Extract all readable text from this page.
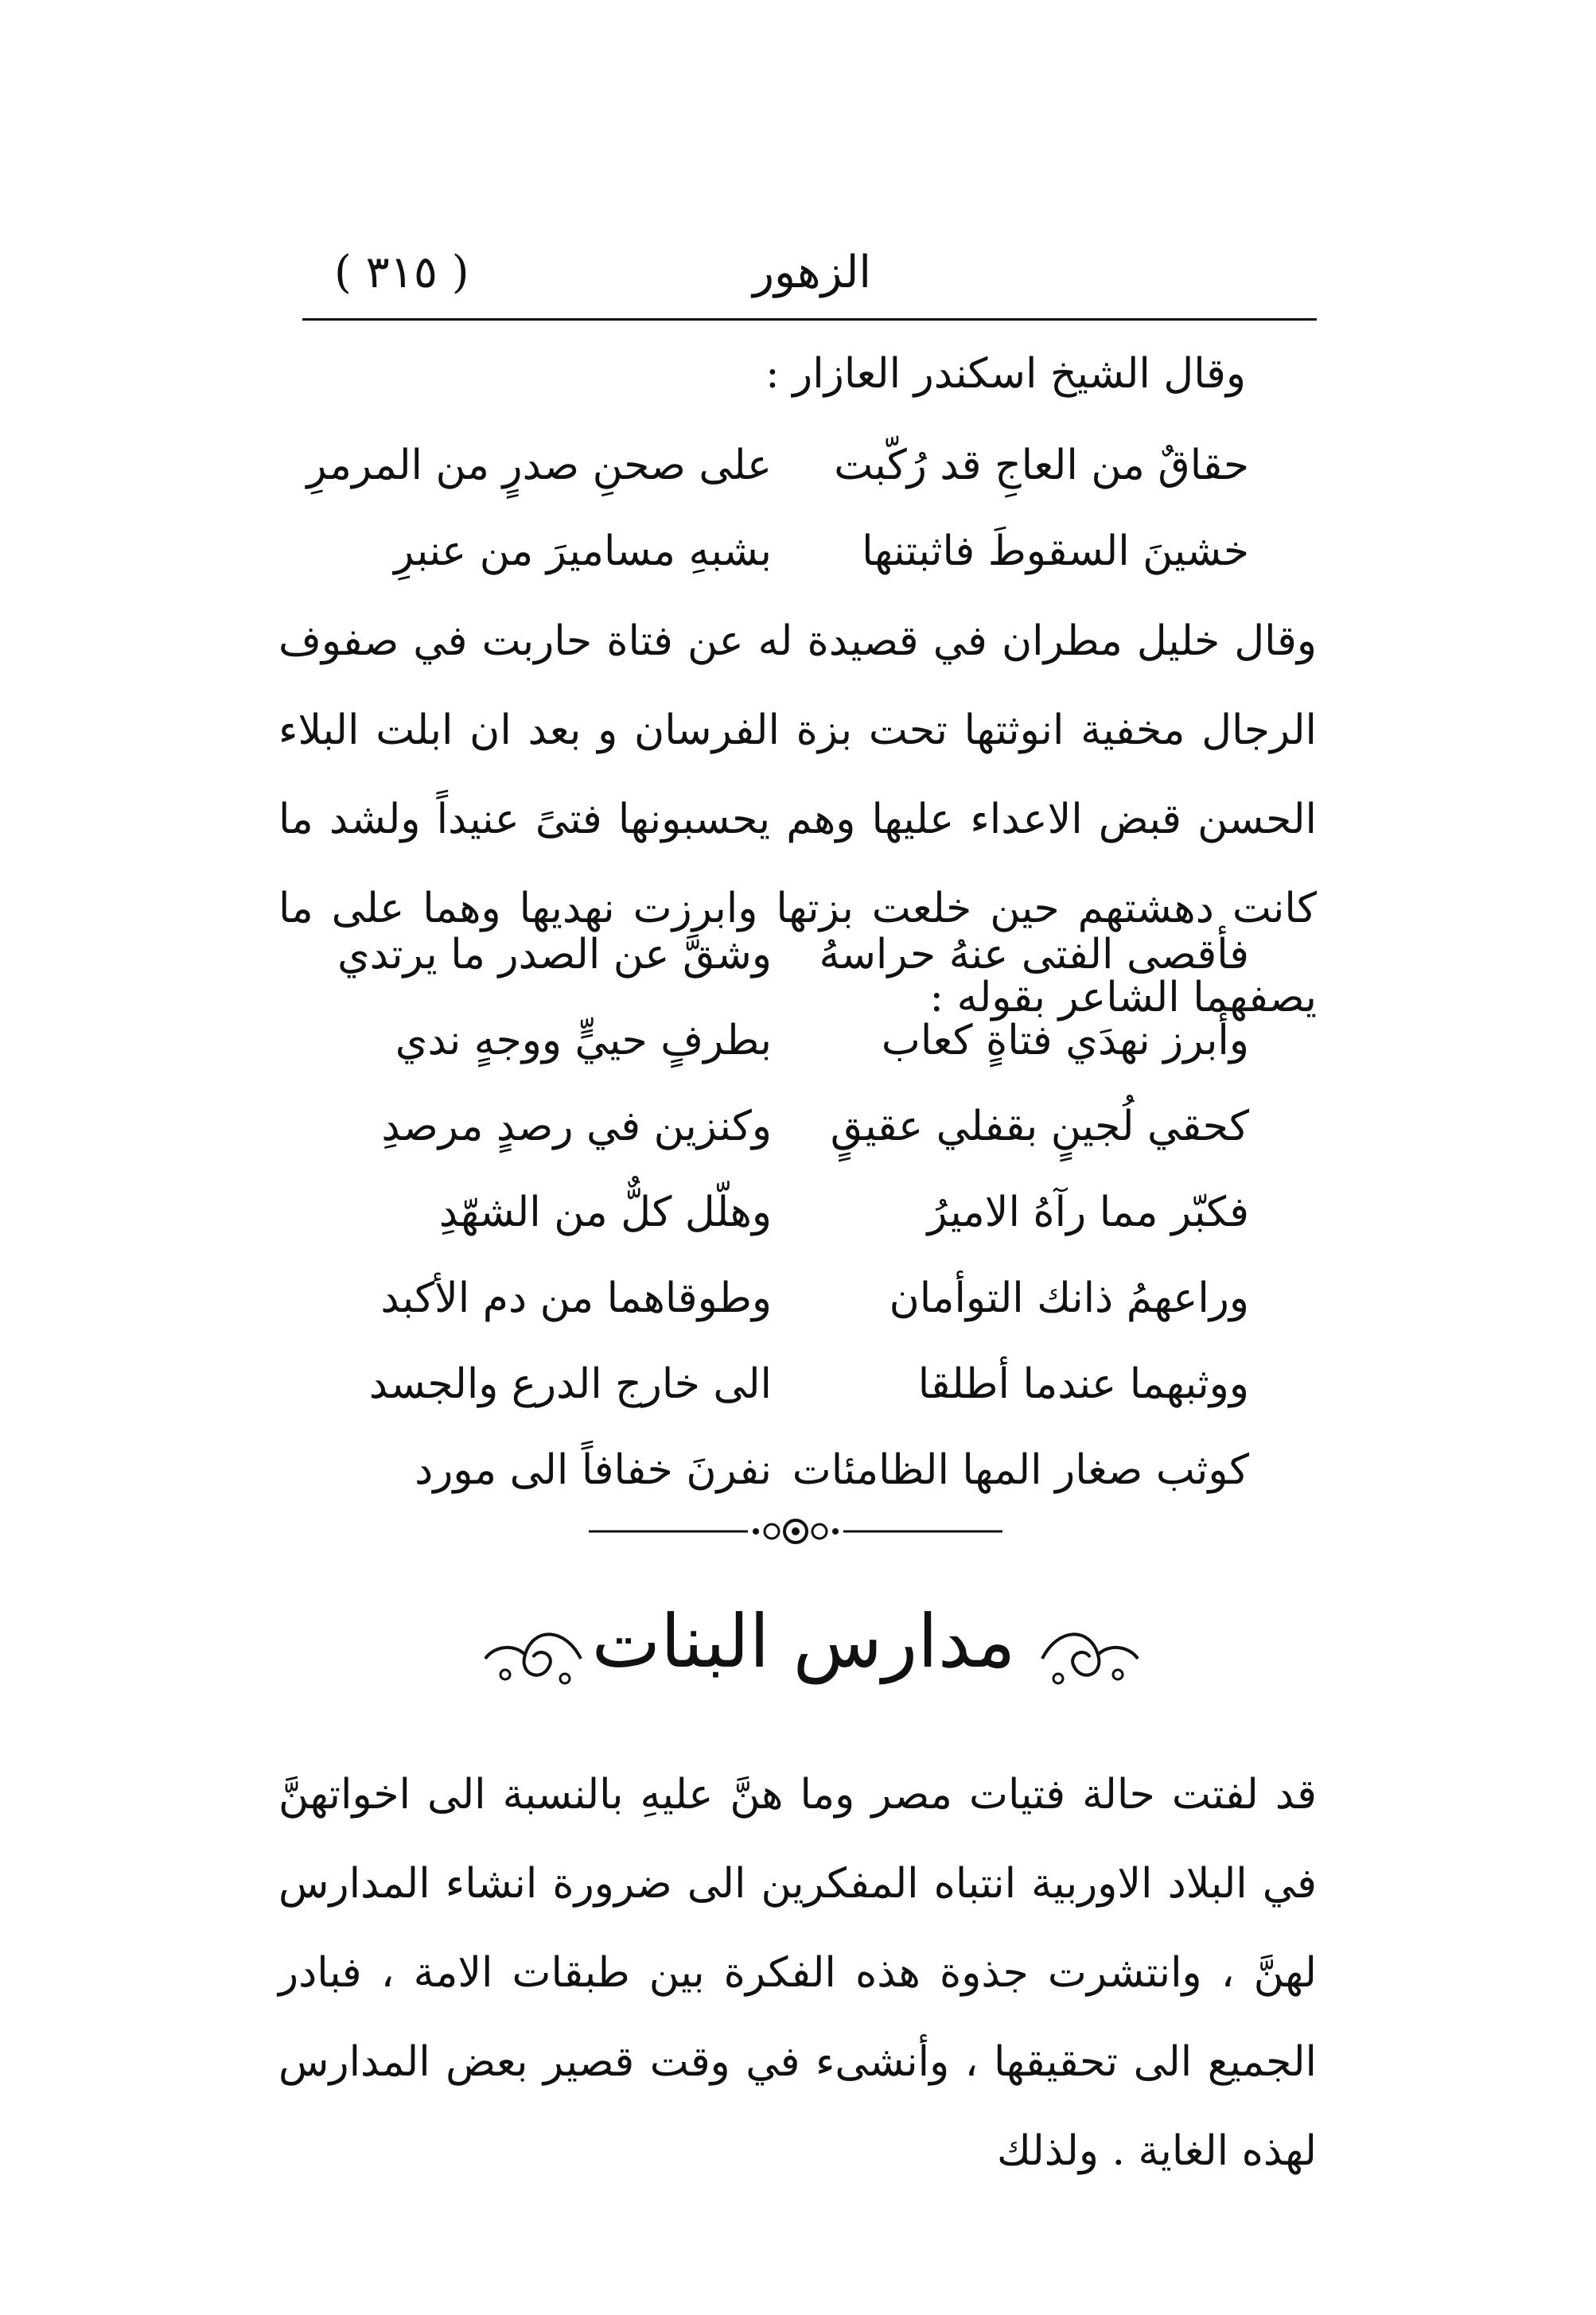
الزهور
( ٣١٥ )
وقال الشيخ اسكندر العازار :
حقاقٌ من العاجِ قد رُكّبت
على صحنِ صدرٍ من المرمرِ
خشينَ السقوطَ فاثبتنها
بشبهِ مساميرَ من عنبرِ
وقال خليل مطران في قصيدة له عن فتاة حاربت في صفوف الرجال مخفية انوثتها تحت بزة الفرسان و بعد ان ابلت البلاء الحسن قبض الاعداء عليها وهم يحسبونها فتىً عنيداً ولشد ما كانت دهشتهم حين خلعت بزتها وابرزت نهديها وهما على ما يصفهما الشاعر بقوله :
فأقصى الفتى عنهُ حراسهُ
وشقَّ عن الصدر ما يرتدي
وأبرز نهدَي فتاةٍ كعاب
بطرفٍ حييٍّ ووجهٍ ندي
كحقي لُجينٍ بقفلي عقيقٍ
وكنزين في رصدٍ مرصدِ
فكبّر مما رآهُ الاميرُ
وهلّل كلٌّ من الشهّدِ
وراعهمُ ذانك التوأمان
وطوقاهما من دم الأكبد
ووثبهما عندما أطلقا
الى خارج الدرع والجسد
كوثب صغار المها الظامئات
نفرنَ خفافاً الى مورد
مدارس البنات
قد لفتت حالة فتيات مصر وما هنَّ عليهِ بالنسبة الى اخواتهنَّ في البلاد الاوربية انتباه المفكرين الى ضرورة انشاء المدارس لهنَّ ، وانتشرت جذوة هذه الفكرة بين طبقات الامة ، فبادر الجميع الى تحقيقها ، وأنشىء في وقت قصير بعض المدارس لهذه الغاية . ولذلك
